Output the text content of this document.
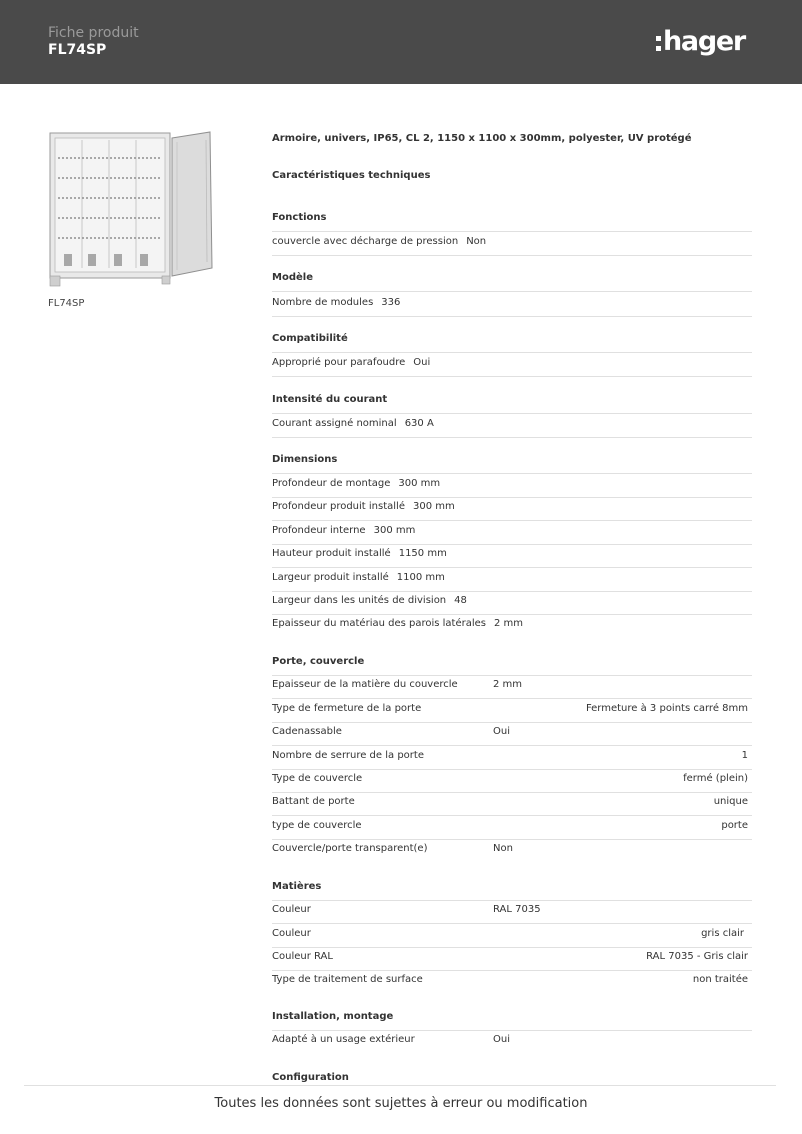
Fiche produit
FL74SP	hager
FL74SP
Armoire, univers, IP65, CL 2, 1150 x 1100 x 300mm, polyester, UV protégé
Caractéristiques techniques
Fonctions
couvercle avec décharge de pression Non
Modèle
Nombre de modules 336
Compatibilité
Approprié pour parafoudre Oui
Intensité du courant
Courant assigné nominal 630 A
Dimensions
Profondeur de montage 300 mm
Profondeur produit installé 300 mm
Profondeur interne 300 mm
Hauteur produit installé 1150 mm
Largeur produit installé 1100 mm
Largeur dans les unités de division 48
Epaisseur du matériau des parois latérales 2 mm
Porte, couvercle
Epaisseur de la matière du couvercle	2 mm
Type de fermeture de la porte	Fermeture à 3 points carré 8mm
Cadenassable	Oui
Nombre de serrure de la porte	1
Type de couvercle	fermé (plein)
Battant de porte	unique
type de couvercle	porte
Couvercle/porte transparent(e)	Non
Matières
Couleur	RAL 7035
Couleur	gris clair
Couleur RAL	RAL 7035 - Gris clair
Type de traitement de surface	non traitée
Installation, montage
Adapté à un usage extérieur	Oui
Configuration
Toutes les données sont sujettes à erreur ou modification
